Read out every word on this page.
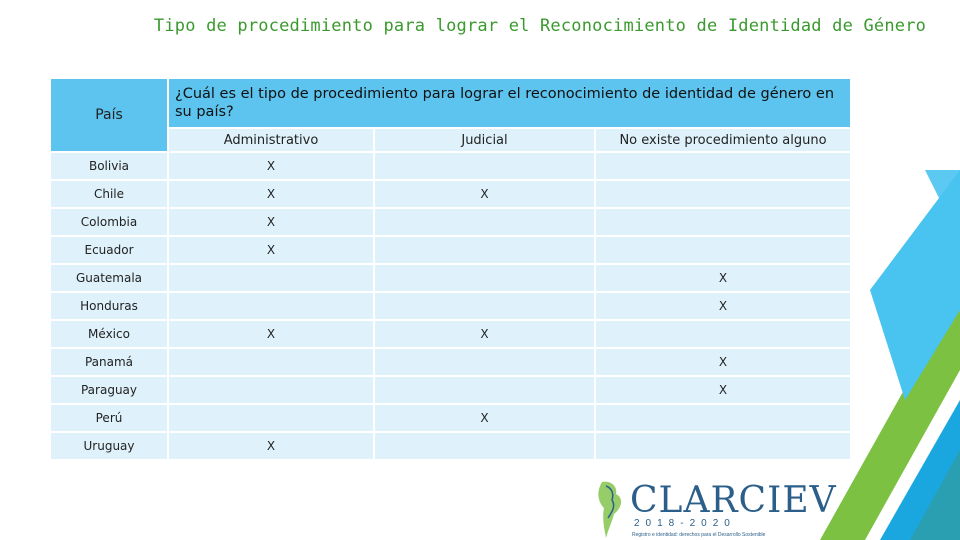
Tipo de procedimiento para lograr el Reconocimiento de Identidad de Género
País	¿Cuál es el tipo de procedimiento para lograr el reconocimiento de identidad de género en su país?		
	Administrativo	Judicial	No existe procedimiento alguno
Bolivia	X		
Chile	X	X	
Colombia	X		
Ecuador	X		
Guatemala			X
Honduras			X
México	X	X	
Panamá			X
Paraguay			X
Perú		X	
Uruguay	X		
CLARCIEV
2018-2020
Registro e identidad: derechos para el Desarrollo Sostenible
